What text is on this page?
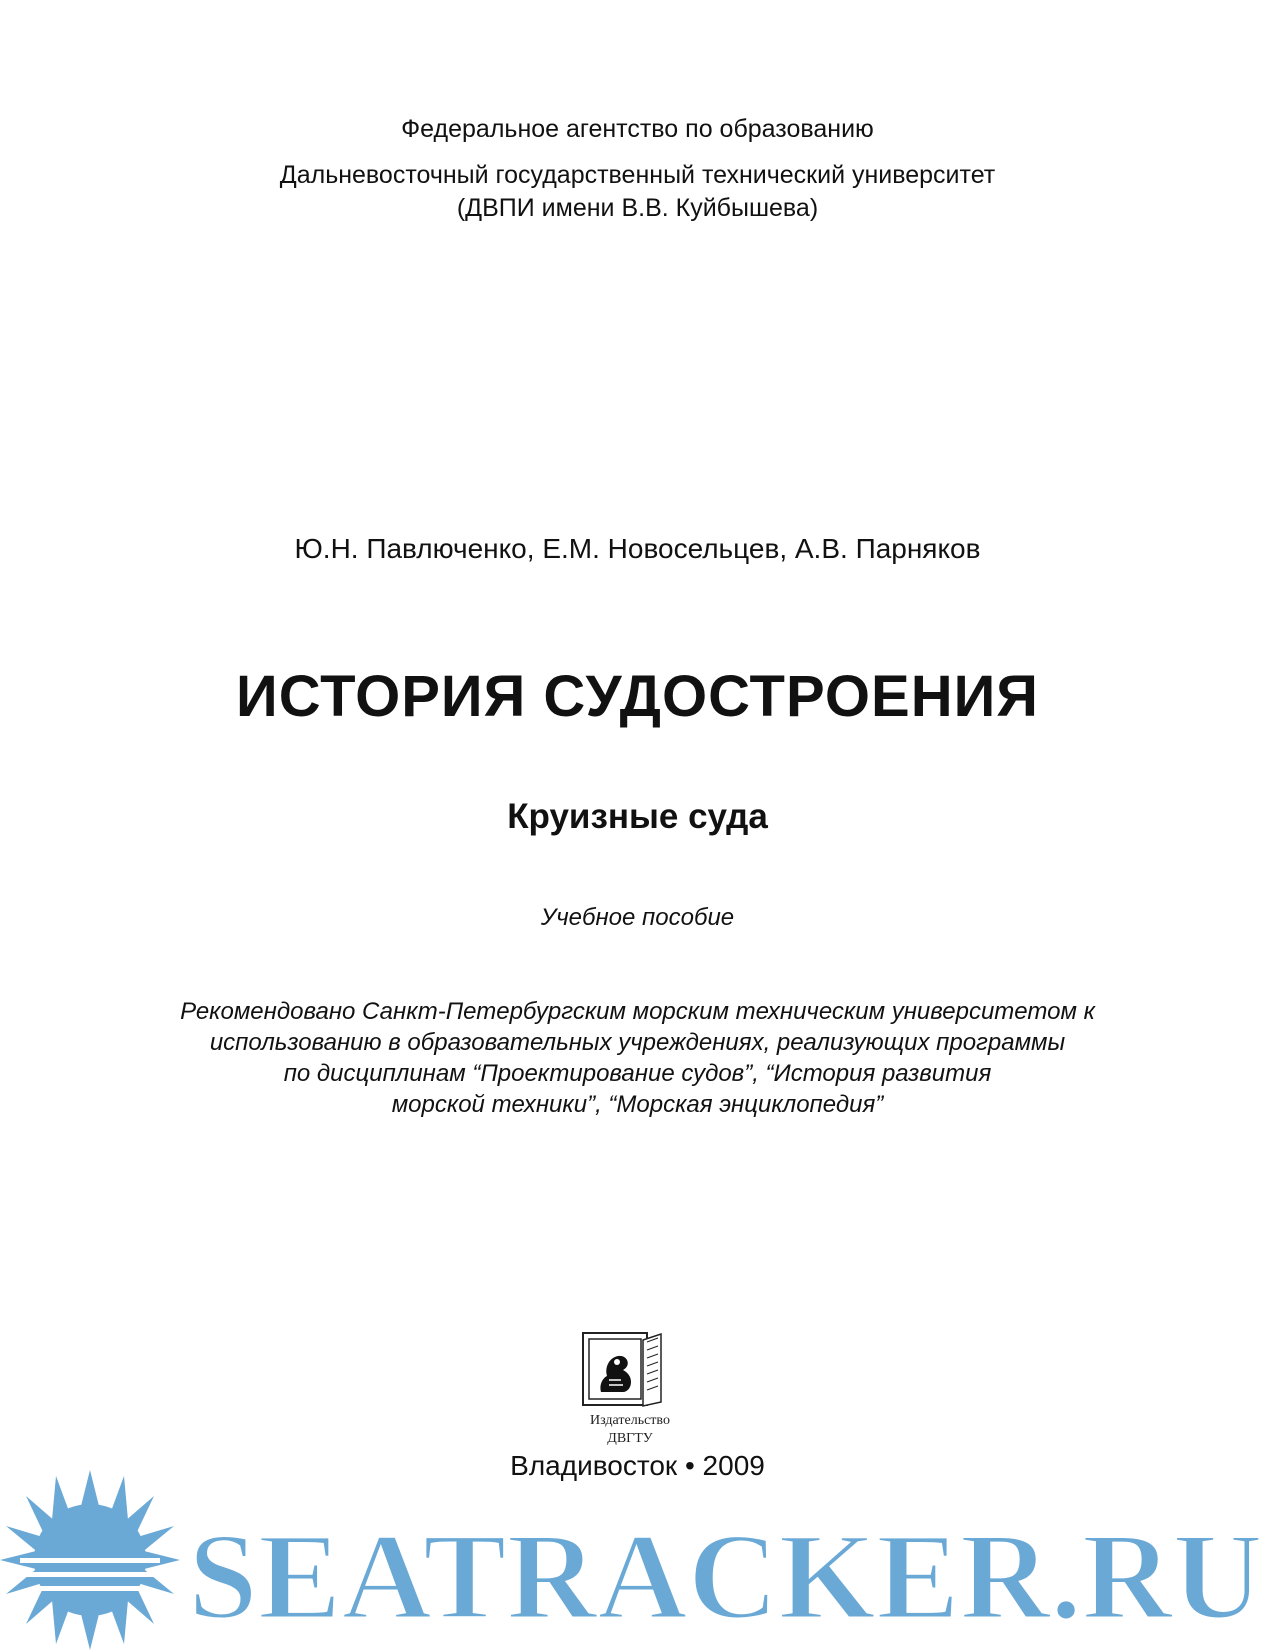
Федеральное агентство по образованию
Дальневосточный государственный технический университет
(ДВПИ имени В.В. Куйбышева)
Ю.Н. Павлюченко, Е.М. Новосельцев, А.В. Парняков
ИСТОРИЯ СУДОСТРОЕНИЯ
Круизные суда
Учебное пособие
Рекомендовано Санкт-Петербургским морским техническим университетом к
использованию в образовательных учреждениях, реализующих программы
по дисциплинам “Проектирование судов”, “История развития
морской техники”, “Морская энциклопедия”
Издательство
ДВГТУ
Владивосток • 2009
SEATRACKER.RU
